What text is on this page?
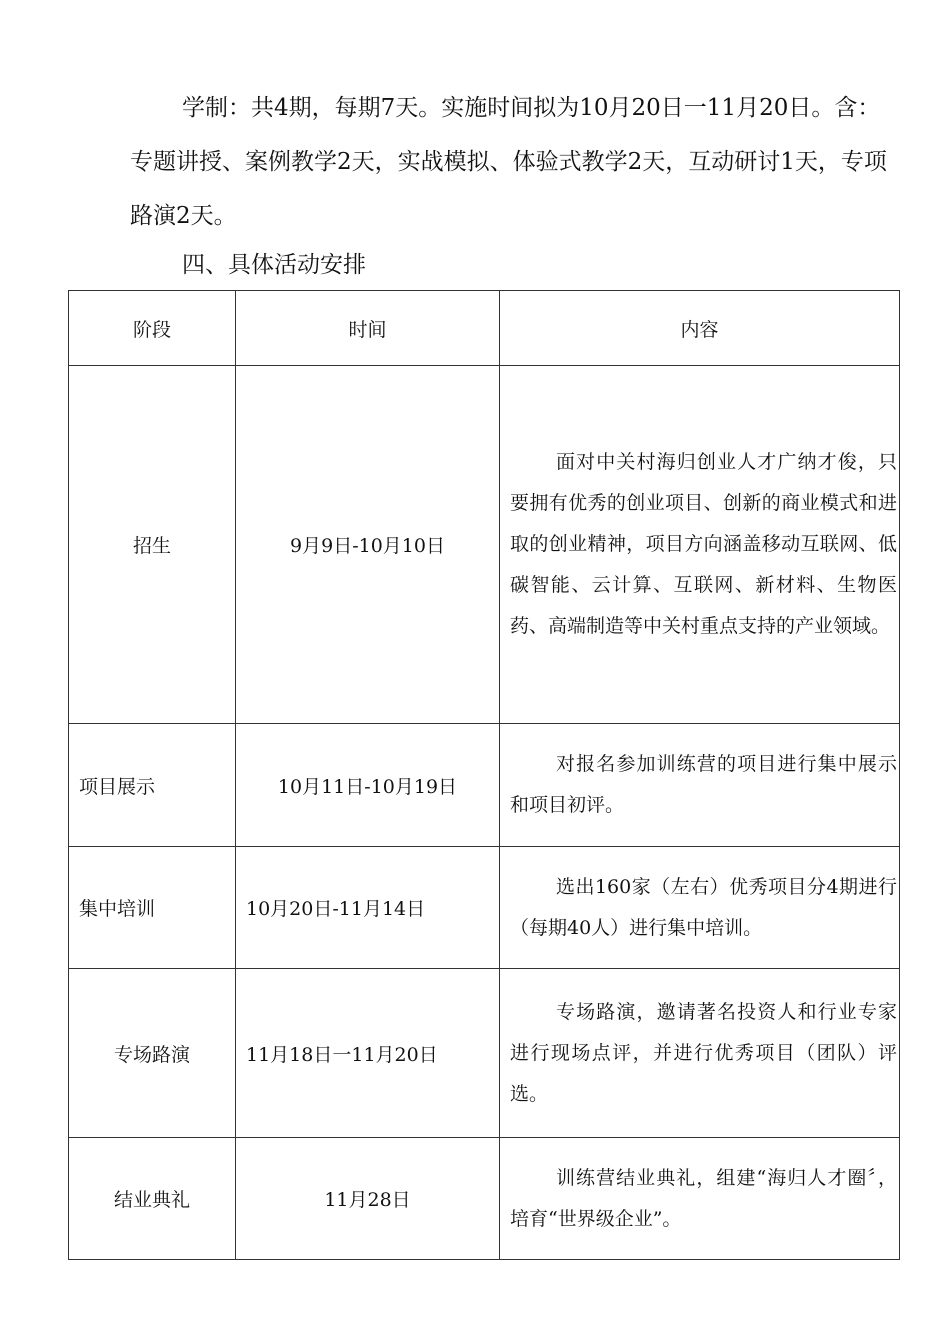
学制：共4期，每期7天。实施时间拟为10月20日一11月20日。含：专题讲授、案例教学2天，实战模拟、体验式教学2天，互动研讨1天，专项路演2天。

四、具体活动安排

阶段	时间	内容
招生	9月9日-10月10日	面对中关村海归创业人才广纳才俊，只要拥有优秀的创业项目、创新的商业模式和进取的创业精神，项目方向涵盖移动互联网、低碳智能、云计算、互联网、新材料、生物医药、高端制造等中关村重点支持的产业领域。
项目展示	10月11日-10月19日	对报名参加训练营的项目进行集中展示和项目初评。
集中培训	10月20日-11月14日	选出160家（左右）优秀项目分4期进行（每期40人）进行集中培训。
专场路演	11月18日一11月20日	专场路演，邀请著名投资人和行业专家进行现场点评，并进行优秀项目（团队）评选。
结业典礼	11月28日	训练营结业典礼，组建“海归人才圈〞，培育“世界级企业”。
